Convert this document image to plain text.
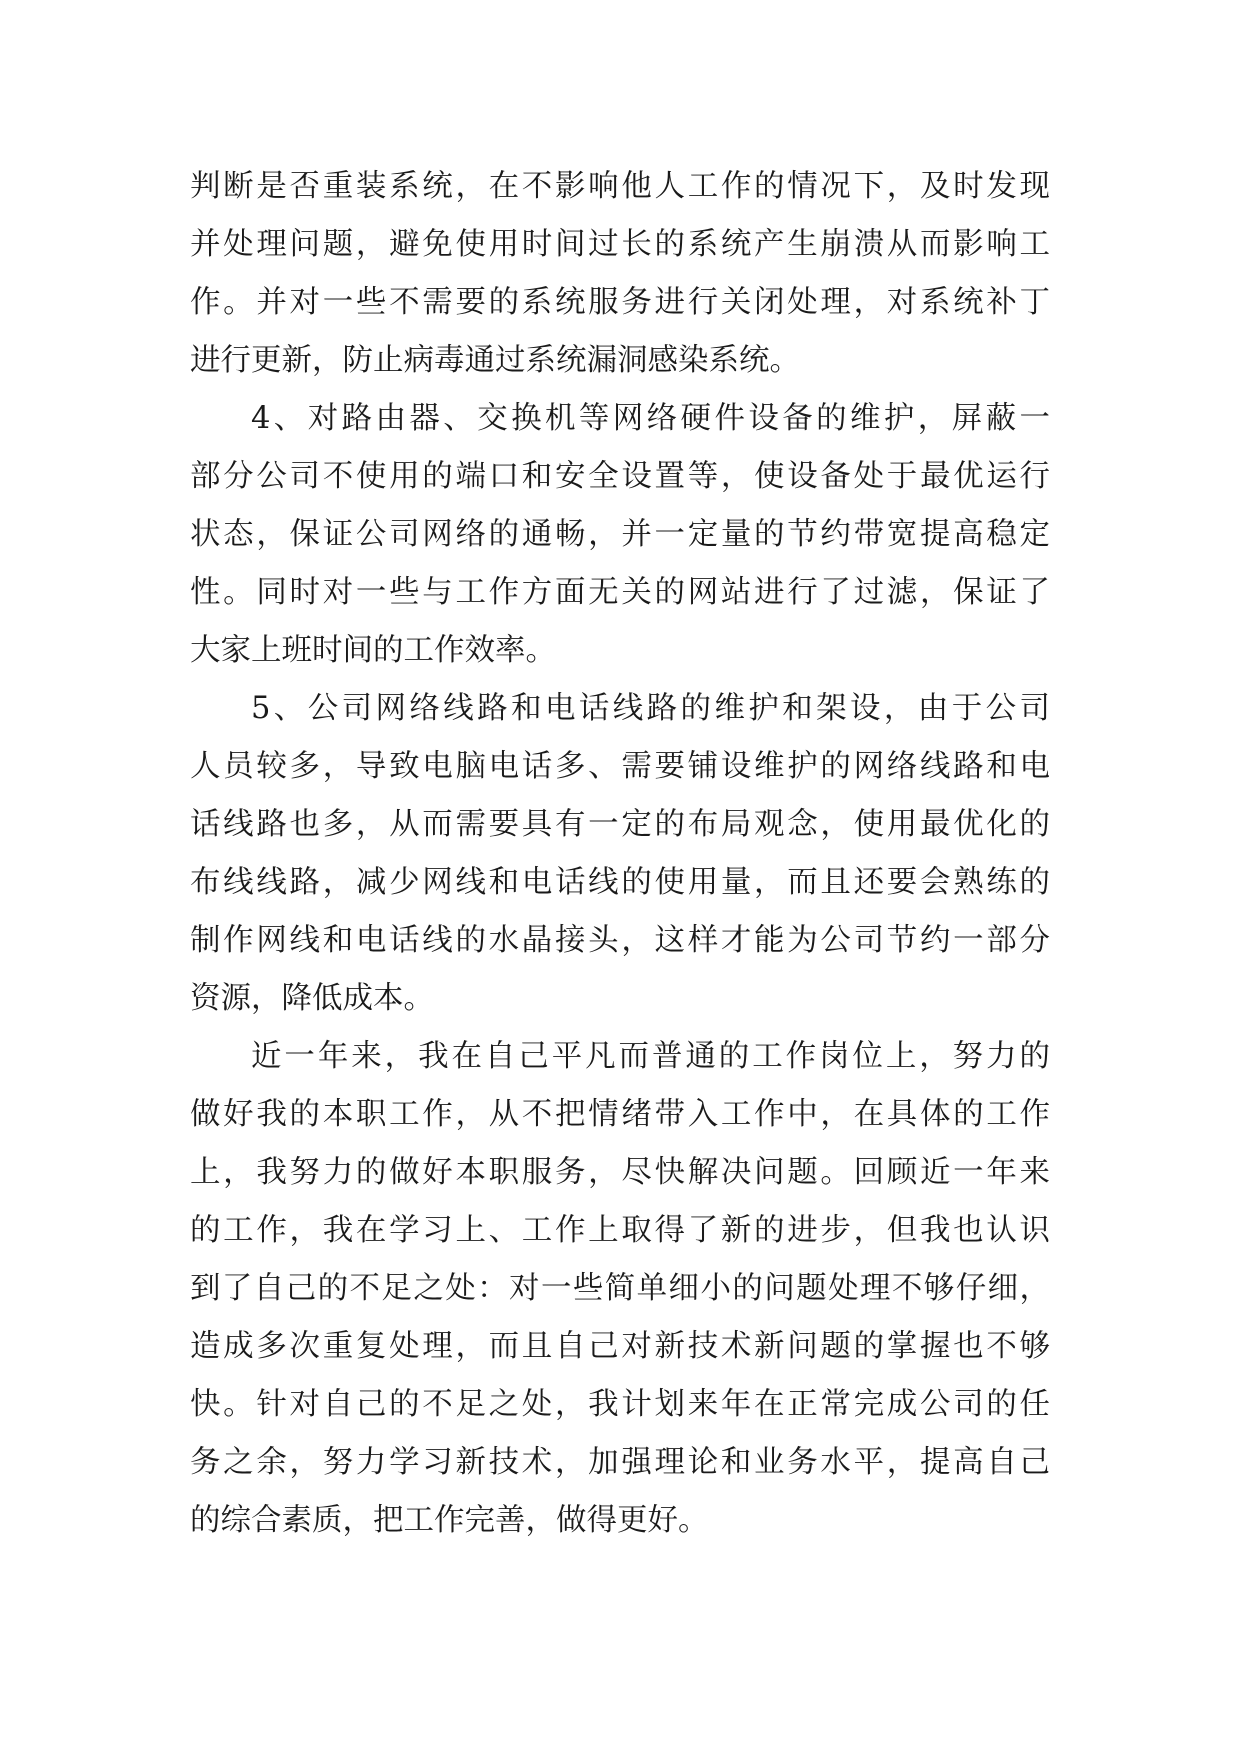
判断是否重装系统，在不影响他人工作的情况下，及时发现
并处理问题，避免使用时间过长的系统产生崩溃从而影响工
作。并对一些不需要的系统服务进行关闭处理，对系统补丁
进行更新，防止病毒通过系统漏洞感染系统。
4、对路由器、交换机等网络硬件设备的维护，屏蔽一
部分公司不使用的端口和安全设置等，使设备处于最优运行
状态，保证公司网络的通畅，并一定量的节约带宽提高稳定
性。同时对一些与工作方面无关的网站进行了过滤，保证了
大家上班时间的工作效率。
5、公司网络线路和电话线路的维护和架设，由于公司
人员较多，导致电脑电话多、需要铺设维护的网络线路和电
话线路也多，从而需要具有一定的布局观念，使用最优化的
布线线路，减少网线和电话线的使用量，而且还要会熟练的
制作网线和电话线的水晶接头，这样才能为公司节约一部分
资源，降低成本。
近一年来，我在自己平凡而普通的工作岗位上，努力的
做好我的本职工作，从不把情绪带入工作中，在具体的工作
上，我努力的做好本职服务，尽快解决问题。回顾近一年来
的工作，我在学习上、工作上取得了新的进步，但我也认识
到了自己的不足之处：对一些简单细小的问题处理不够仔细，
造成多次重复处理，而且自己对新技术新问题的掌握也不够
快。针对自己的不足之处，我计划来年在正常完成公司的任
务之余，努力学习新技术，加强理论和业务水平，提高自己
的综合素质，把工作完善，做得更好。
